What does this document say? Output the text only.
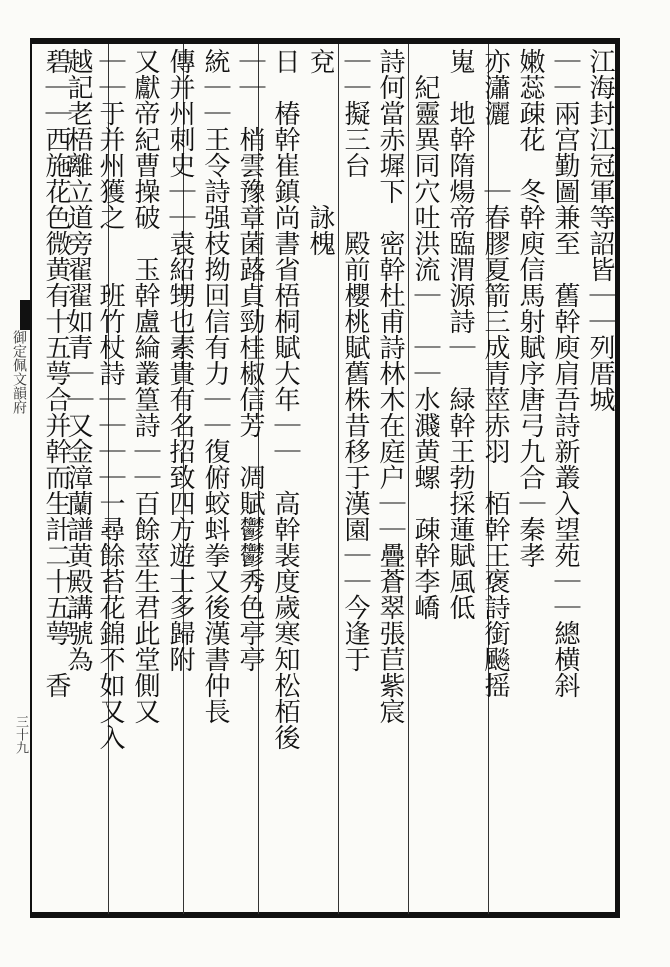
御定佩文韻府
三十九
江海封江冠軍等詔皆｜｜列厝城
｜｜兩宫勤圖兼至　舊幹庾肩吾詩新叢入望苑｜｜總横斜
嫩蕊疎花　冬幹庾信馬射賦序唐弓九合｜秦孝
亦瀟灑　　｜春膠夏箭三成青莖赤羽　栢幹王褒詩銜飈摇
嵬　地幹隋煬帝臨渭源詩｜　緑幹王勃採蓮賦風低
　紀靈異同穴吐洪流｜　｜｜水濺黄螺　疎幹李嶠
詩何當赤墀下　密幹杜甫詩林木在庭户｜｜疊蒼翠張苣紫宸
｜｜擬三台　　殿前櫻桃賦舊株昔移于漢園｜｜今逢于
兗　　　　　詠槐
日　椿幹崔鎮尚書省梧桐賦大年｜｜　高幹裴度歲寒知松栢後
｜｜　梢雲豫章菌蕗貞勁桂椒信芳　凋賦鬱鬱秀色亭亭
統｜｜王令詩强枝拗回信有力｜｜復俯蛟蚪拳又後漢書仲長
傳并州刺史｜｜袁紹甥也素貴有名招致四方遊士多歸附
又獻帝紀曹操破　玉幹盧綸叢篁詩｜｜百餘莖生君此堂側又
｜｜于并州獲之　　班竹杖詩｜｜｜｜一尋餘苔花錦不如又入
越記老梧離立道旁翟翟如青｜｜又金漳蘭譜黄殿講號為
碧｜｜西施花色微黄有十五萼合并幹而生計二十五萼　香
